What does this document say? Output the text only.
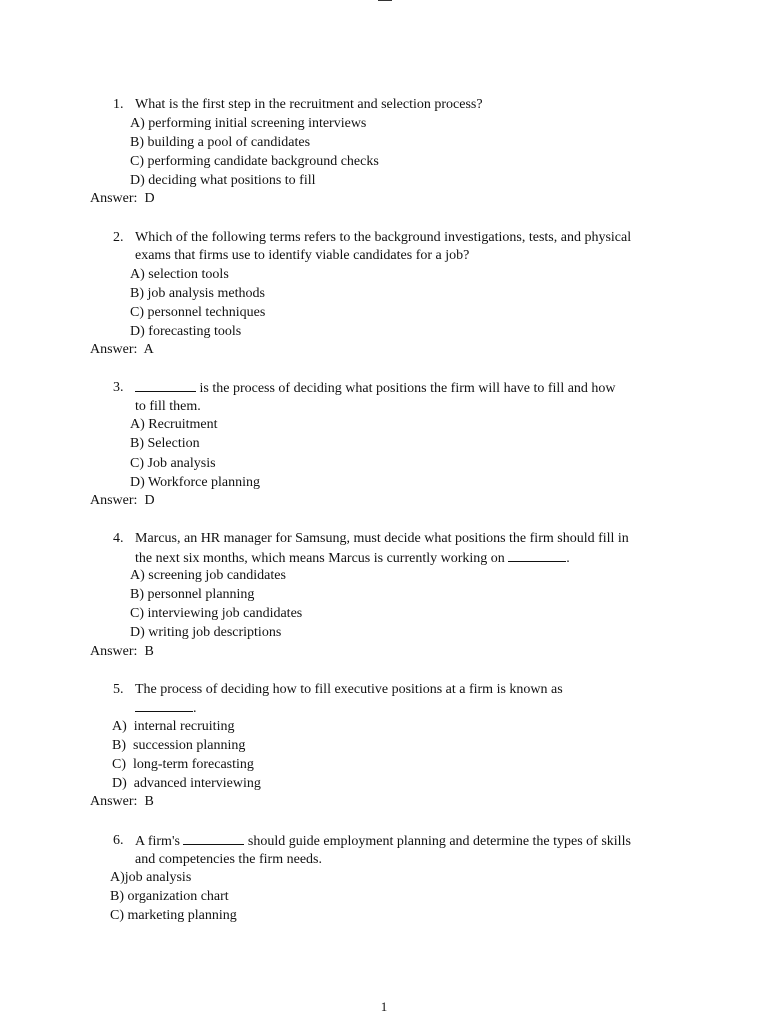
1. What is the first step in the recruitment and selection process?
A) performing initial screening interviews
B) building a pool of candidates
C) performing candidate background checks
D) deciding what positions to fill
Answer: D
2. Which of the following terms refers to the background investigations, tests, and physical
exams that firms use to identify viable candidates for a job?
A) selection tools
B) job analysis methods
C) personnel techniques
D) forecasting tools
Answer: A
3.	is the process of deciding what positions the firm will have to fill and how
to fill them.
A) Recruitment
B) Selection
C) Job analysis
D) Workforce planning
Answer: D
4. Marcus, an HR manager for Samsung, must decide what positions the firm should fill in
the next six months, which means Marcus is currently working on	.
A) screening job candidates
B) personnel planning
C) interviewing job candidates
D) writing job descriptions
Answer: B
5. The process of deciding how to fill executive positions at a firm is known as
.
A) internal recruiting
B) succession planning
C) long-term forecasting
D) advanced interviewing
Answer: B
6. A firm's	should guide employment planning and determine the types of skills
and competencies the firm needs.
A)job analysis
B) organization chart
C) marketing planning
1
